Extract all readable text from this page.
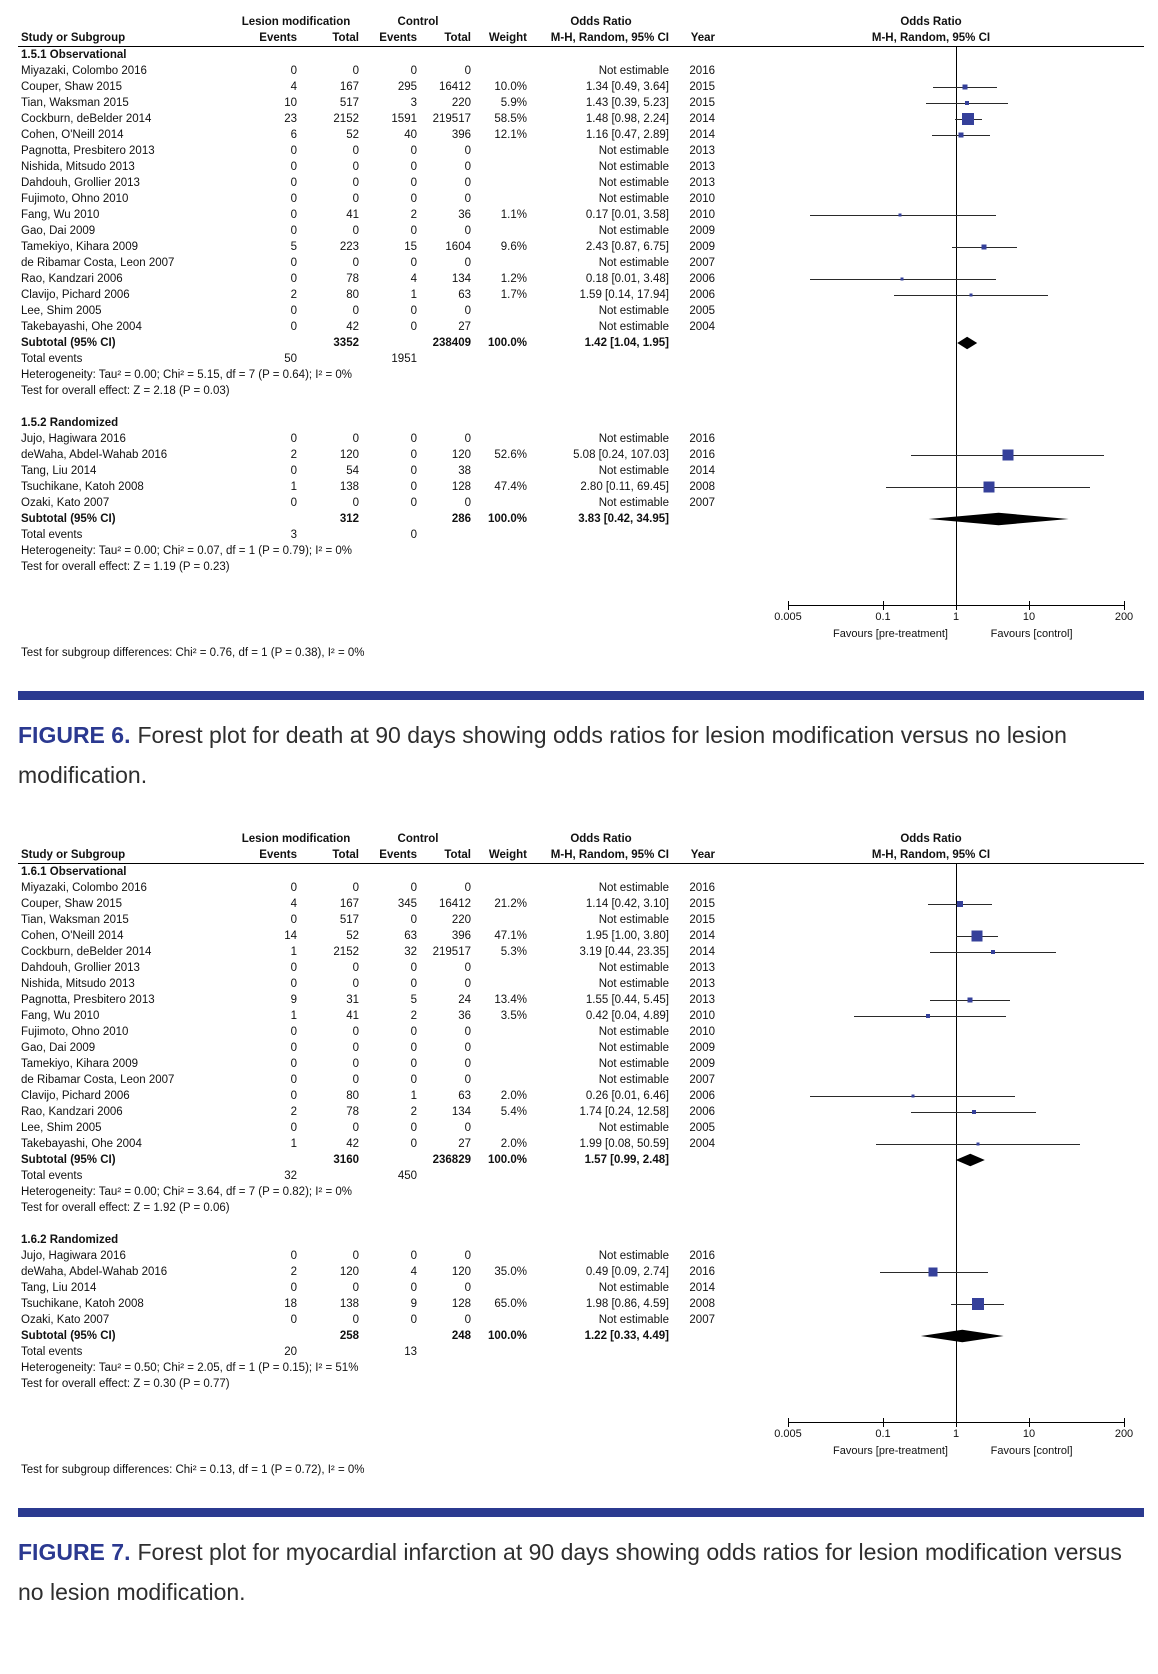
Lesion modification	Control	Odds Ratio	Odds Ratio
Study or Subgroup	Events	Total	Events	Total	Weight	M-H, Random, 95% CI	Year	M-H, Random, 95% CI
1.5.1 Observational
Miyazaki, Colombo 2016	0	0	0	0	Not estimable	2016
Couper, Shaw 2015	4	167	295	16412	10.0%	1.34 [0.49, 3.64]	2015
Tian, Waksman 2015	10	517	3	220	5.9%	1.43 [0.39, 5.23]	2015
Cockburn, deBelder 2014	23	2152	1591	219517	58.5%	1.48 [0.98, 2.24]	2014
Cohen, O'Neill 2014	6	52	40	396	12.1%	1.16 [0.47, 2.89]	2014
Pagnotta, Presbitero 2013	0	0	0	0	Not estimable	2013
Nishida, Mitsudo 2013	0	0	0	0	Not estimable	2013
Dahdouh, Grollier 2013	0	0	0	0	Not estimable	2013
Fujimoto, Ohno 2010	0	0	0	0	Not estimable	2010
Fang, Wu 2010	0	41	2	36	1.1%	0.17 [0.01, 3.58]	2010
Gao, Dai 2009	0	0	0	0	Not estimable	2009
Tamekiyo, Kihara 2009	5	223	15	1604	9.6%	2.43 [0.87, 6.75]	2009
de Ribamar Costa, Leon 2007	0	0	0	0	Not estimable	2007
Rao, Kandzari 2006	0	78	4	134	1.2%	0.18 [0.01, 3.48]	2006
Clavijo, Pichard 2006	2	80	1	63	1.7%	1.59 [0.14, 17.94]	2006
Lee, Shim 2005	0	0	0	0	Not estimable	2005
Takebayashi, Ohe 2004	0	42	0	27	Not estimable	2004
Subtotal (95% CI)	3352	238409	100.0%	1.42 [1.04, 1.95]
Total events	50	1951
Heterogeneity: Tau² = 0.00; Chi² = 5.15, df = 7 (P = 0.64); I² = 0%
Test for overall effect: Z = 2.18 (P = 0.03)
1.5.2 Randomized
Jujo, Hagiwara 2016	0	0	0	0	Not estimable	2016
deWaha, Abdel-Wahab 2016	2	120	0	120	52.6%	5.08 [0.24, 107.03]	2016
Tang, Liu 2014	0	54	0	38	Not estimable	2014
Tsuchikane, Katoh 2008	1	138	0	128	47.4%	2.80 [0.11, 69.45]	2008
Ozaki, Kato 2007	0	0	0	0	Not estimable	2007
Subtotal (95% CI)	312	286	100.0%	3.83 [0.42, 34.95]
Total events	3	0
Heterogeneity: Tau² = 0.00; Chi² = 0.07, df = 1 (P = 0.79); I² = 0%
Test for overall effect: Z = 1.19 (P = 0.23)
Test for subgroup differences: Chi² = 0.76, df = 1 (P = 0.38), I² = 0%
0.005	0.1	1	10	200
Favours [pre-treatment]	Favours [control]

FIGURE 6. Forest plot for death at 90 days showing odds ratios for lesion modification versus no lesion modification.

Lesion modification	Control	Odds Ratio	Odds Ratio
Study or Subgroup	Events	Total	Events	Total	Weight	M-H, Random, 95% CI	Year	M-H, Random, 95% CI
1.6.1 Observational
Miyazaki, Colombo 2016	0	0	0	0	Not estimable	2016
Couper, Shaw 2015	4	167	345	16412	21.2%	1.14 [0.42, 3.10]	2015
Tian, Waksman 2015	0	517	0	220	Not estimable	2015
Cohen, O'Neill 2014	14	52	63	396	47.1%	1.95 [1.00, 3.80]	2014
Cockburn, deBelder 2014	1	2152	32	219517	5.3%	3.19 [0.44, 23.35]	2014
Dahdouh, Grollier 2013	0	0	0	0	Not estimable	2013
Nishida, Mitsudo 2013	0	0	0	0	Not estimable	2013
Pagnotta, Presbitero 2013	9	31	5	24	13.4%	1.55 [0.44, 5.45]	2013
Fang, Wu 2010	1	41	2	36	3.5%	0.42 [0.04, 4.89]	2010
Fujimoto, Ohno 2010	0	0	0	0	Not estimable	2010
Gao, Dai 2009	0	0	0	0	Not estimable	2009
Tamekiyo, Kihara 2009	0	0	0	0	Not estimable	2009
de Ribamar Costa, Leon 2007	0	0	0	0	Not estimable	2007
Clavijo, Pichard 2006	0	80	1	63	2.0%	0.26 [0.01, 6.46]	2006
Rao, Kandzari 2006	2	78	2	134	5.4%	1.74 [0.24, 12.58]	2006
Lee, Shim 2005	0	0	0	0	Not estimable	2005
Takebayashi, Ohe 2004	1	42	0	27	2.0%	1.99 [0.08, 50.59]	2004
Subtotal (95% CI)	3160	236829	100.0%	1.57 [0.99, 2.48]
Total events	32	450
Heterogeneity: Tau² = 0.00; Chi² = 3.64, df = 7 (P = 0.82); I² = 0%
Test for overall effect: Z = 1.92 (P = 0.06)
1.6.2 Randomized
Jujo, Hagiwara 2016	0	0	0	0	Not estimable	2016
deWaha, Abdel-Wahab 2016	2	120	4	120	35.0%	0.49 [0.09, 2.74]	2016
Tang, Liu 2014	0	0	0	0	Not estimable	2014
Tsuchikane, Katoh 2008	18	138	9	128	65.0%	1.98 [0.86, 4.59]	2008
Ozaki, Kato 2007	0	0	0	0	Not estimable	2007
Subtotal (95% CI)	258	248	100.0%	1.22 [0.33, 4.49]
Total events	20	13
Heterogeneity: Tau² = 0.50; Chi² = 2.05, df = 1 (P = 0.15); I² = 51%
Test for overall effect: Z = 0.30 (P = 0.77)
Test for subgroup differences: Chi² = 0.13, df = 1 (P = 0.72), I² = 0%
0.005	0.1	1	10	200
Favours [pre-treatment]	Favours [control]

FIGURE 7. Forest plot for myocardial infarction at 90 days showing odds ratios for lesion modification versus no lesion modification.
